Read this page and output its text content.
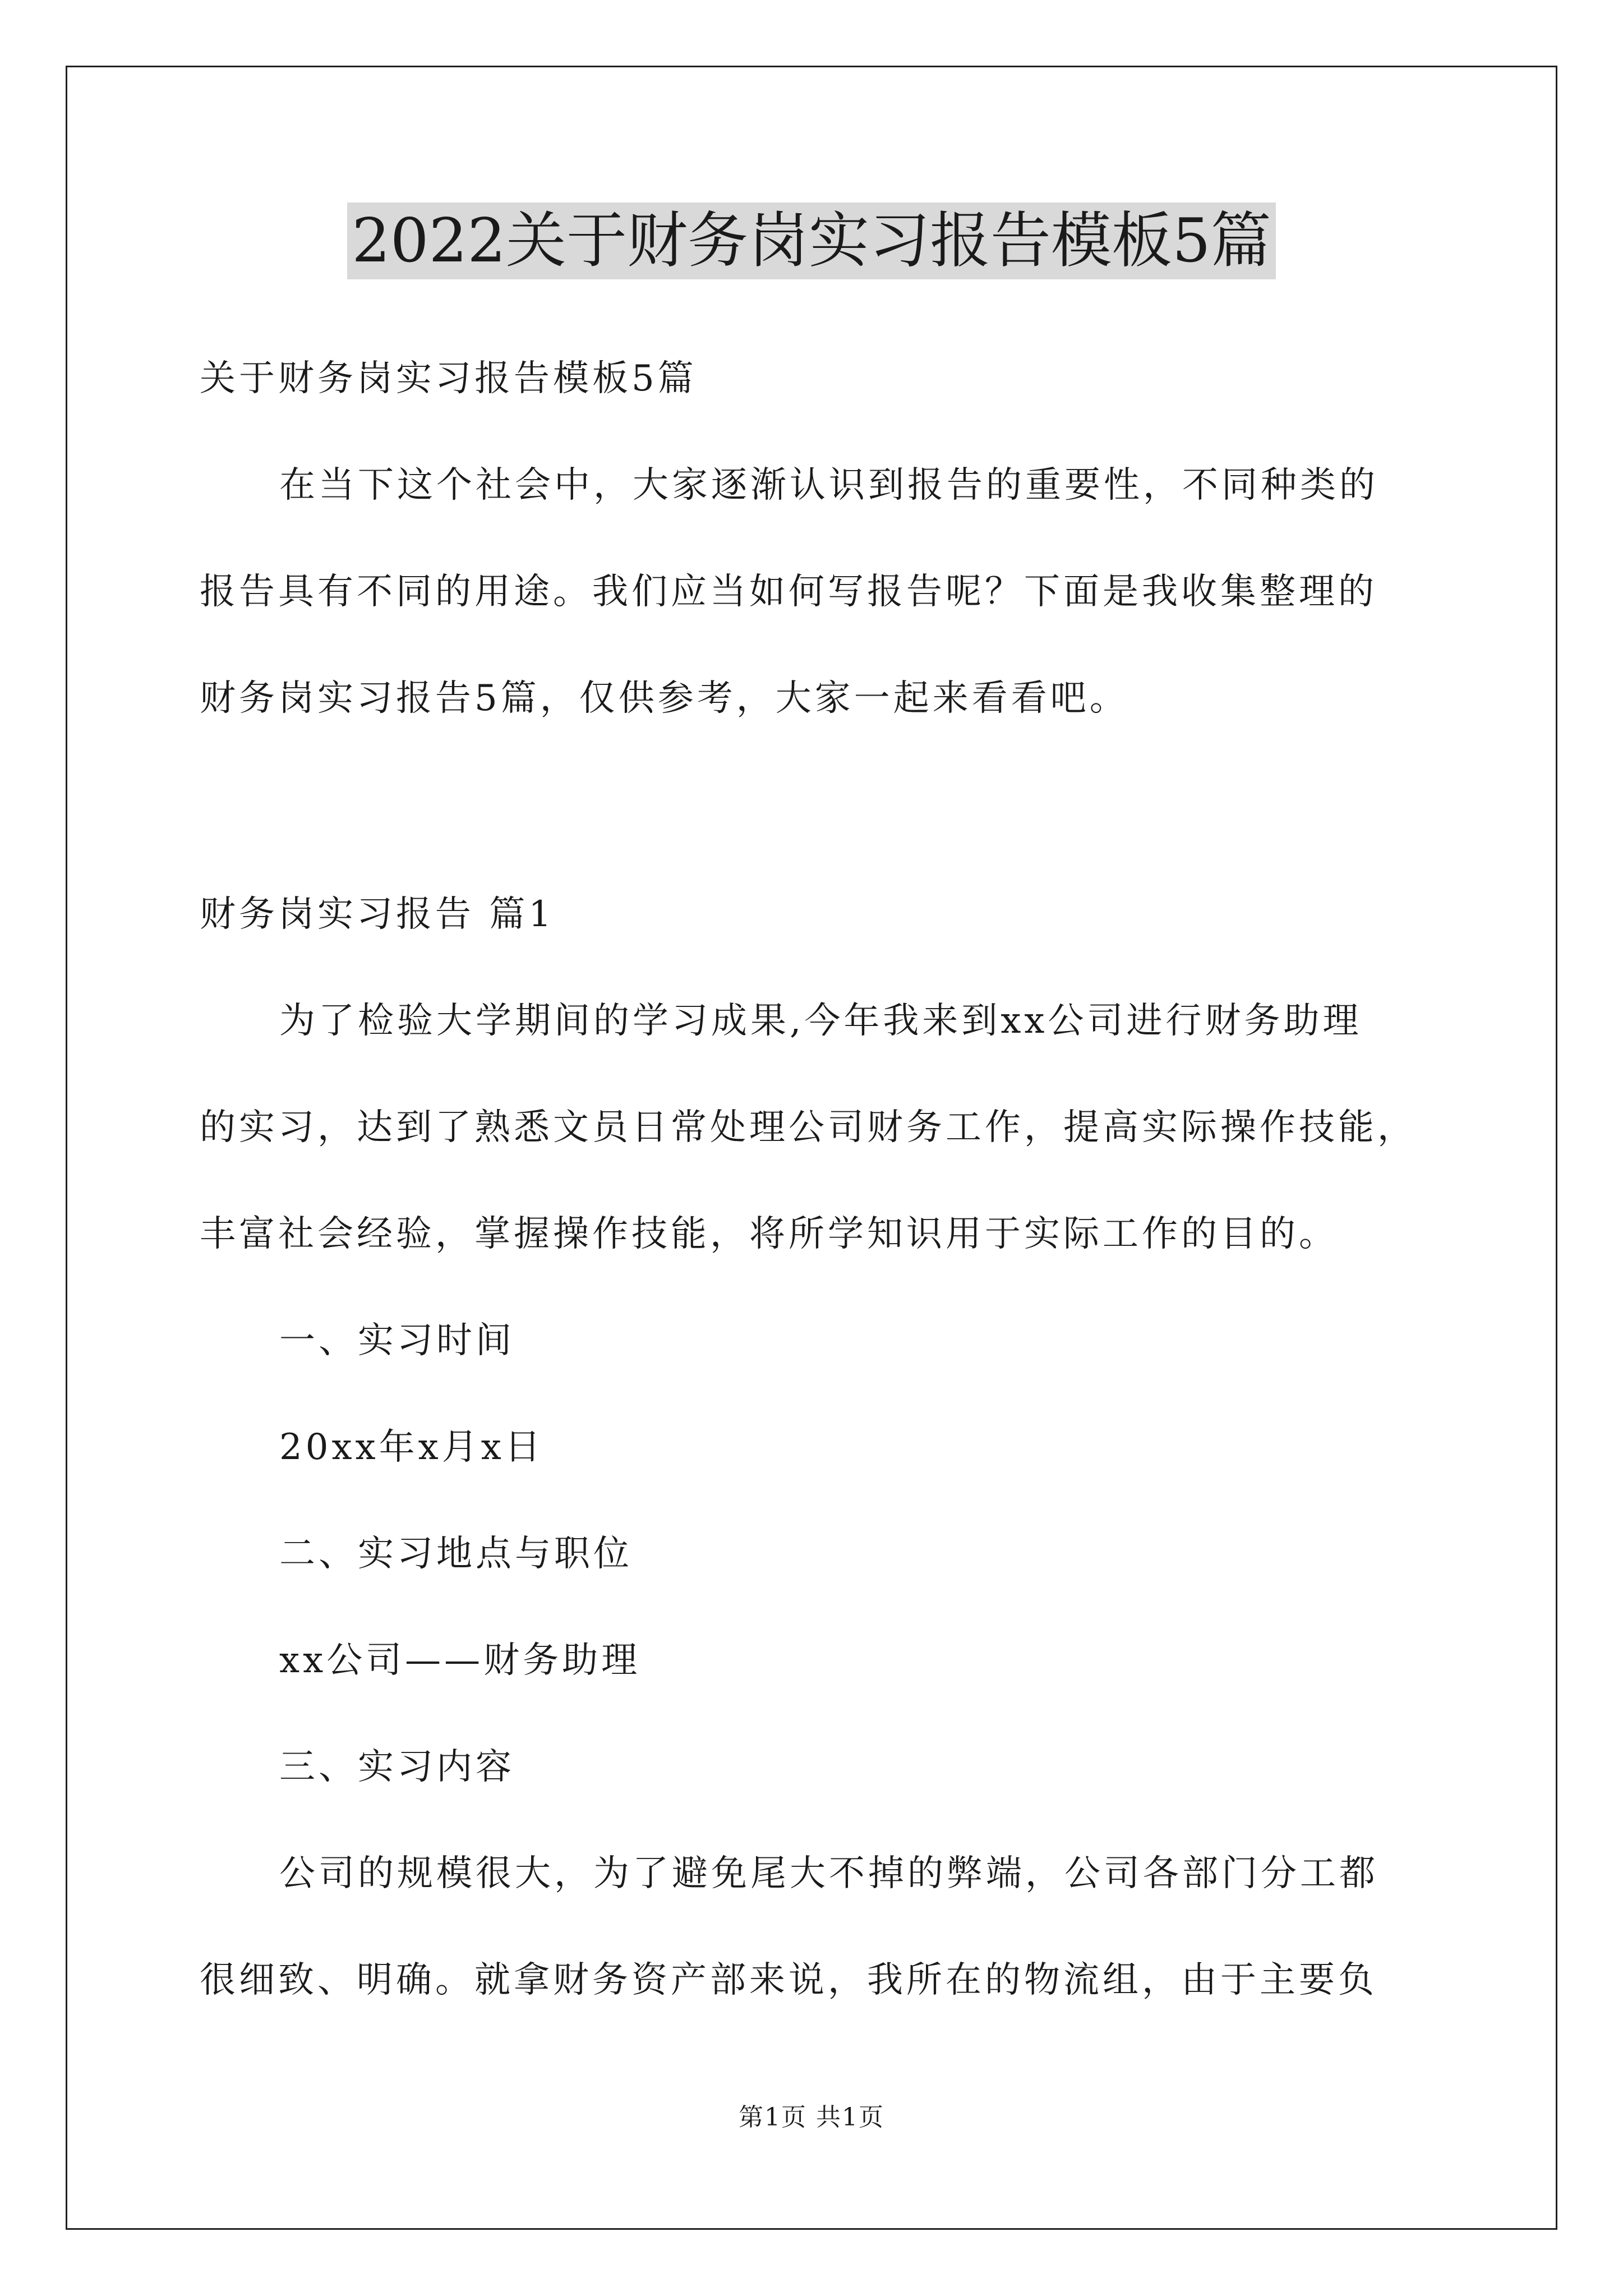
2022关于财务岗实习报告模板5篇

关于财务岗实习报告模板5篇

在当下这个社会中，大家逐渐认识到报告的重要性，不同种类的

报告具有不同的用途。我们应当如何写报告呢？下面是我收集整理的

财务岗实习报告5篇，仅供参考，大家一起来看看吧。

财务岗实习报告 篇1

为了检验大学期间的学习成果,今年我来到xx公司进行财务助理

的实习，达到了熟悉文员日常处理公司财务工作，提高实际操作技能，

丰富社会经验，掌握操作技能，将所学知识用于实际工作的目的。

一、实习时间

20xx年x月x日

二、实习地点与职位

xx公司——财务助理

三、实习内容

公司的规模很大，为了避免尾大不掉的弊端，公司各部门分工都

很细致、明确。就拿财务资产部来说，我所在的物流组，由于主要负

第1页 共1页
